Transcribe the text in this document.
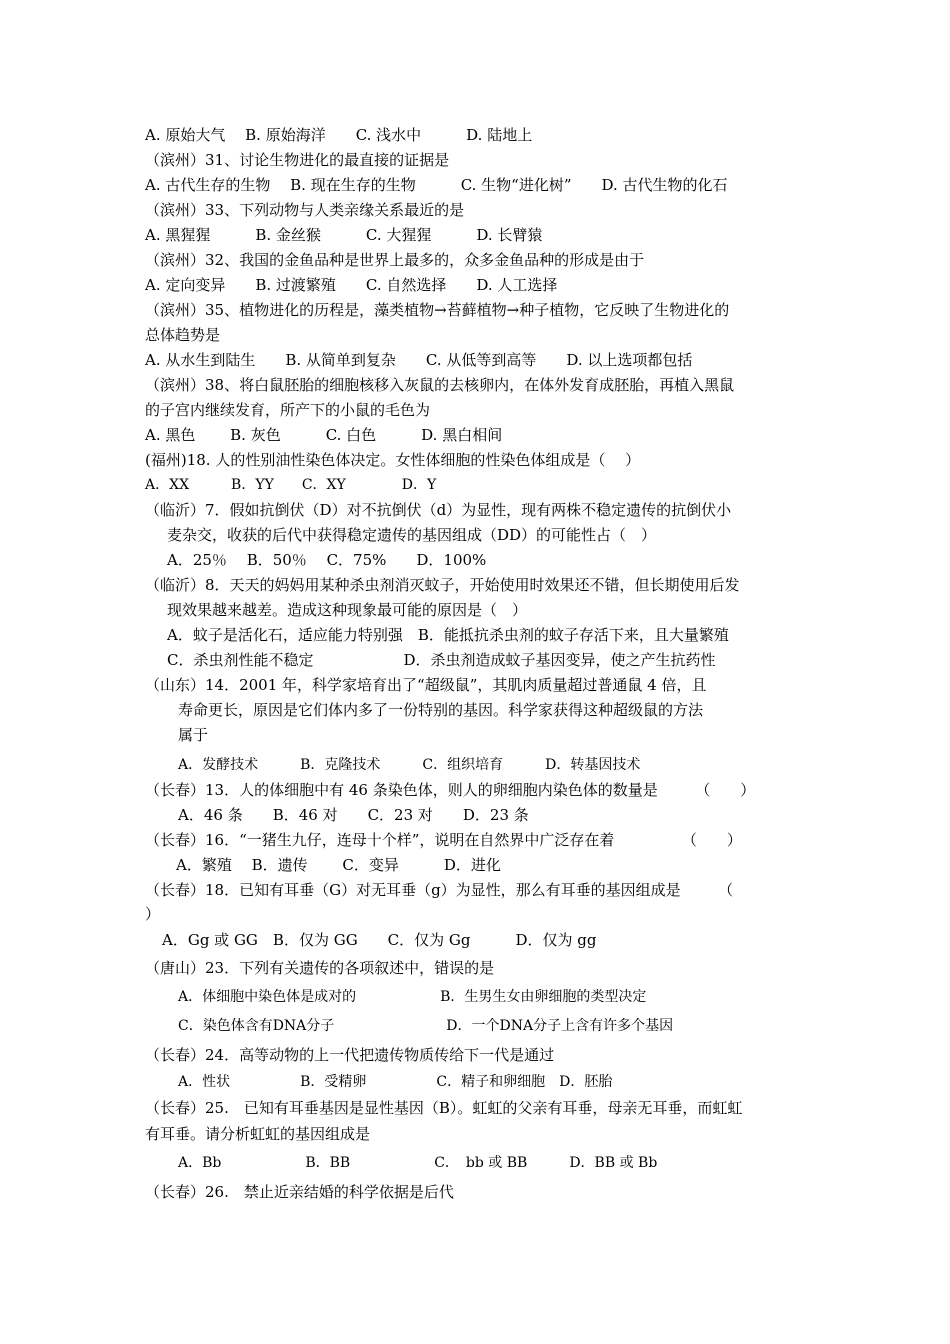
A. 原始大气　 B. 原始海洋　　C. 浅水中　　　D. 陆地上
（滨州）31、讨论生物进化的最直接的证据是
A. 古代生存的生物　 B. 现在生存的生物　　　C. 生物“进化树”　　D. 古代生物的化石
（滨州）33、下列动物与人类亲缘关系最近的是
A. 黑猩猩　　　B. 金丝猴　　　C. 大猩猩　　　D. 长臂猿
（滨州）32、我国的金鱼品种是世界上最多的，众多金鱼品种的形成是由于
A. 定向变异　　B. 过渡繁殖　　C. 自然选择　　D. 人工选择
（滨州）35、植物进化的历程是，藻类植物→苔藓植物→种子植物，它反映了生物进化的
总体趋势是
A. 从水生到陆生　　B. 从简单到复杂　　C. 从低等到高等　　D. 以上选项都包括
（滨州）38、将白鼠胚胎的细胞核移入灰鼠的去核卵内，在体外发育成胚胎，再植入黑鼠
的子宫内继续发育，所产下的小鼠的毛色为
A. 黑色　　 B. 灰色　　　C. 白色　　　D. 黑白相间
(福州)18. 人的性别油性染色体决定。女性体细胞的性染色体组成是（　 ）
A．XX　　　B．YY　　C．XY　　　　D．Y
（临沂）7．假如抗倒伏（D）对不抗倒伏（d）为显性，现有两株不稳定遗传的抗倒伏小
麦杂交，收获的后代中获得稳定遗传的基因组成（DD）的可能性占（　）
A．25％　 B．50％　 C．75%　　D．100%
（临沂）8．天天的妈妈用某种杀虫剂消灭蚊子，开始使用时效果还不错，但长期使用后发
现效果越来越差。造成这种现象最可能的原因是（　）
A．蚊子是活化石，适应能力特别强　B．能抵抗杀虫剂的蚊子存活下来，且大量繁殖
C．杀虫剂性能不稳定　　　　　　D．杀虫剂造成蚊子基因变异，使之产生抗药性
（山东）14．2001 年，科学家培育出了“超级鼠”，其肌肉质量超过普通鼠 4 倍，且
寿命更长，原因是它们体内多了一份特别的基因。科学家获得这种超级鼠的方法
属于
A．发酵技术　　　B．克隆技术　　　C．组织培育　　　D．转基因技术
（长春）13．人的体细胞中有 46 条染色体，则人的卵细胞内染色体的数量是　　　（　　）
A．46 条　　B．46 对　　C．23 对　　D．23 条
（长春）16．“一猪生九仔，连母十个样”，说明在自然界中广泛存在着　　　　　（　　）
A．繁殖　 B．遗传　　 C．变异　　　D．进化
（长春）18．已知有耳垂（G）对无耳垂（g）为显性，那么有耳垂的基因组成是　　　（
）
A．Gg 或 GG　B．仅为 GG　　C．仅为 Gg　　　D．仅为 gg
（唐山）23．下列有关遗传的各项叙述中，错误的是
A．体细胞中染色体是成对的　　　　　　B．生男生女由卵细胞的类型决定
C．染色体含有DNA分子　　　　　　　　D．一个DNA分子上含有许多个基因
（长春）24．高等动物的上一代把遗传物质传给下一代是通过
A．性状　　　　　B．受精卵　　　　　C．精子和卵细胞　D．胚胎
（长春）25.　已知有耳垂基因是显性基因（B）。虹虹的父亲有耳垂，母亲无耳垂，而虹虹
有耳垂。请分析虹虹的基因组成是
A．Bb　　　　　　B．BB　　　　　　C．　bb 或 BB　　　D．BB 或 Bb
（长春）26.　禁止近亲结婚的科学依据是后代
